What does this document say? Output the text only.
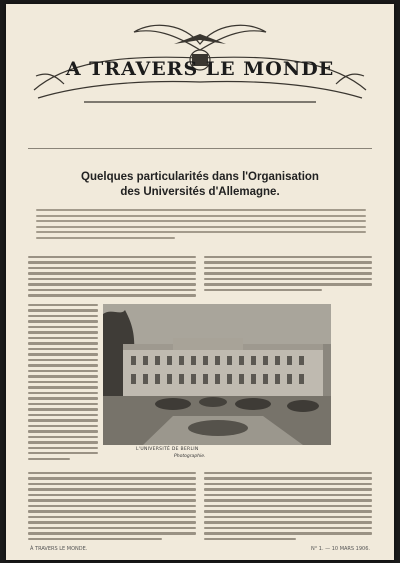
A TRAVERS LE MONDE
Quelques particularités dans l'Organisation
des Universités d'Allemagne.
L'UNIVERSITÉ DE BERLIN
Photographie.
À TRAVERS LE MONDE.	N° 1. — 10 MARS 1906.
